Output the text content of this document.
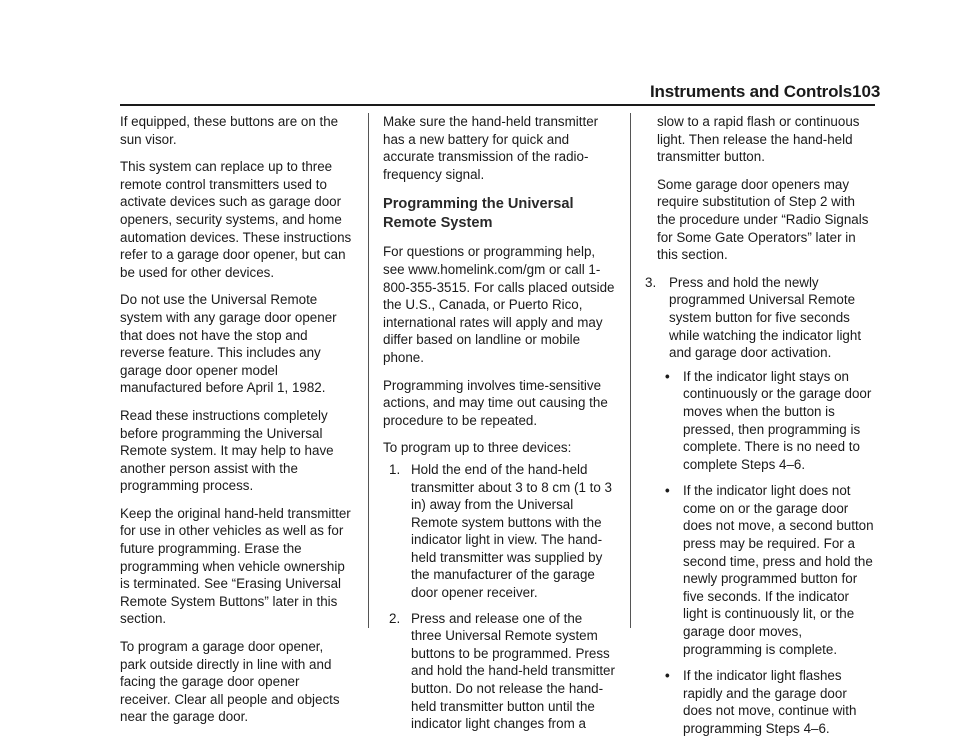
Instruments and Controls 103

If equipped, these buttons are on the sun visor.

This system can replace up to three remote control transmitters used to activate devices such as garage door openers, security systems, and home automation devices. These instructions refer to a garage door opener, but can be used for other devices.

Do not use the Universal Remote system with any garage door opener that does not have the stop and reverse feature. This includes any garage door opener model manufactured before April 1, 1982.

Read these instructions completely before programming the Universal Remote system. It may help to have another person assist with the programming process.

Keep the original hand-held transmitter for use in other vehicles as well as for future programming. Erase the programming when vehicle ownership is terminated. See “Erasing Universal Remote System Buttons” later in this section.

To program a garage door opener, park outside directly in line with and facing the garage door opener receiver. Clear all people and objects near the garage door.

Make sure the hand-held transmitter has a new battery for quick and accurate transmission of the radio-frequency signal.

Programming the Universal Remote System

For questions or programming help, see www.homelink.com/gm or call 1-800-355-3515. For calls placed outside the U.S., Canada, or Puerto Rico, international rates will apply and may differ based on landline or mobile phone.

Programming involves time-sensitive actions, and may time out causing the procedure to be repeated.

To program up to three devices:

1. Hold the end of the hand-held transmitter about 3 to 8 cm (1 to 3 in) away from the Universal Remote system buttons with the indicator light in view. The hand-held transmitter was supplied by the manufacturer of the garage door opener receiver.
2. Press and release one of the three Universal Remote system buttons to be programmed. Press and hold the hand-held transmitter button. Do not release the hand-held transmitter button until the indicator light changes from a

slow to a rapid flash or continuous light. Then release the hand-held transmitter button.

Some garage door openers may require substitution of Step 2 with the procedure under “Radio Signals for Some Gate Operators” later in this section.

3. Press and hold the newly programmed Universal Remote system button for five seconds while watching the indicator light and garage door activation.
• If the indicator light stays on continuously or the garage door moves when the button is pressed, then programming is complete. There is no need to complete Steps 4–6.
• If the indicator light does not come on or the garage door does not move, a second button press may be required. For a second time, press and hold the newly programmed button for five seconds. If the indicator light is continuously lit, or the garage door moves, programming is complete.
• If the indicator light flashes rapidly and the garage door does not move, continue with programming Steps 4–6.
